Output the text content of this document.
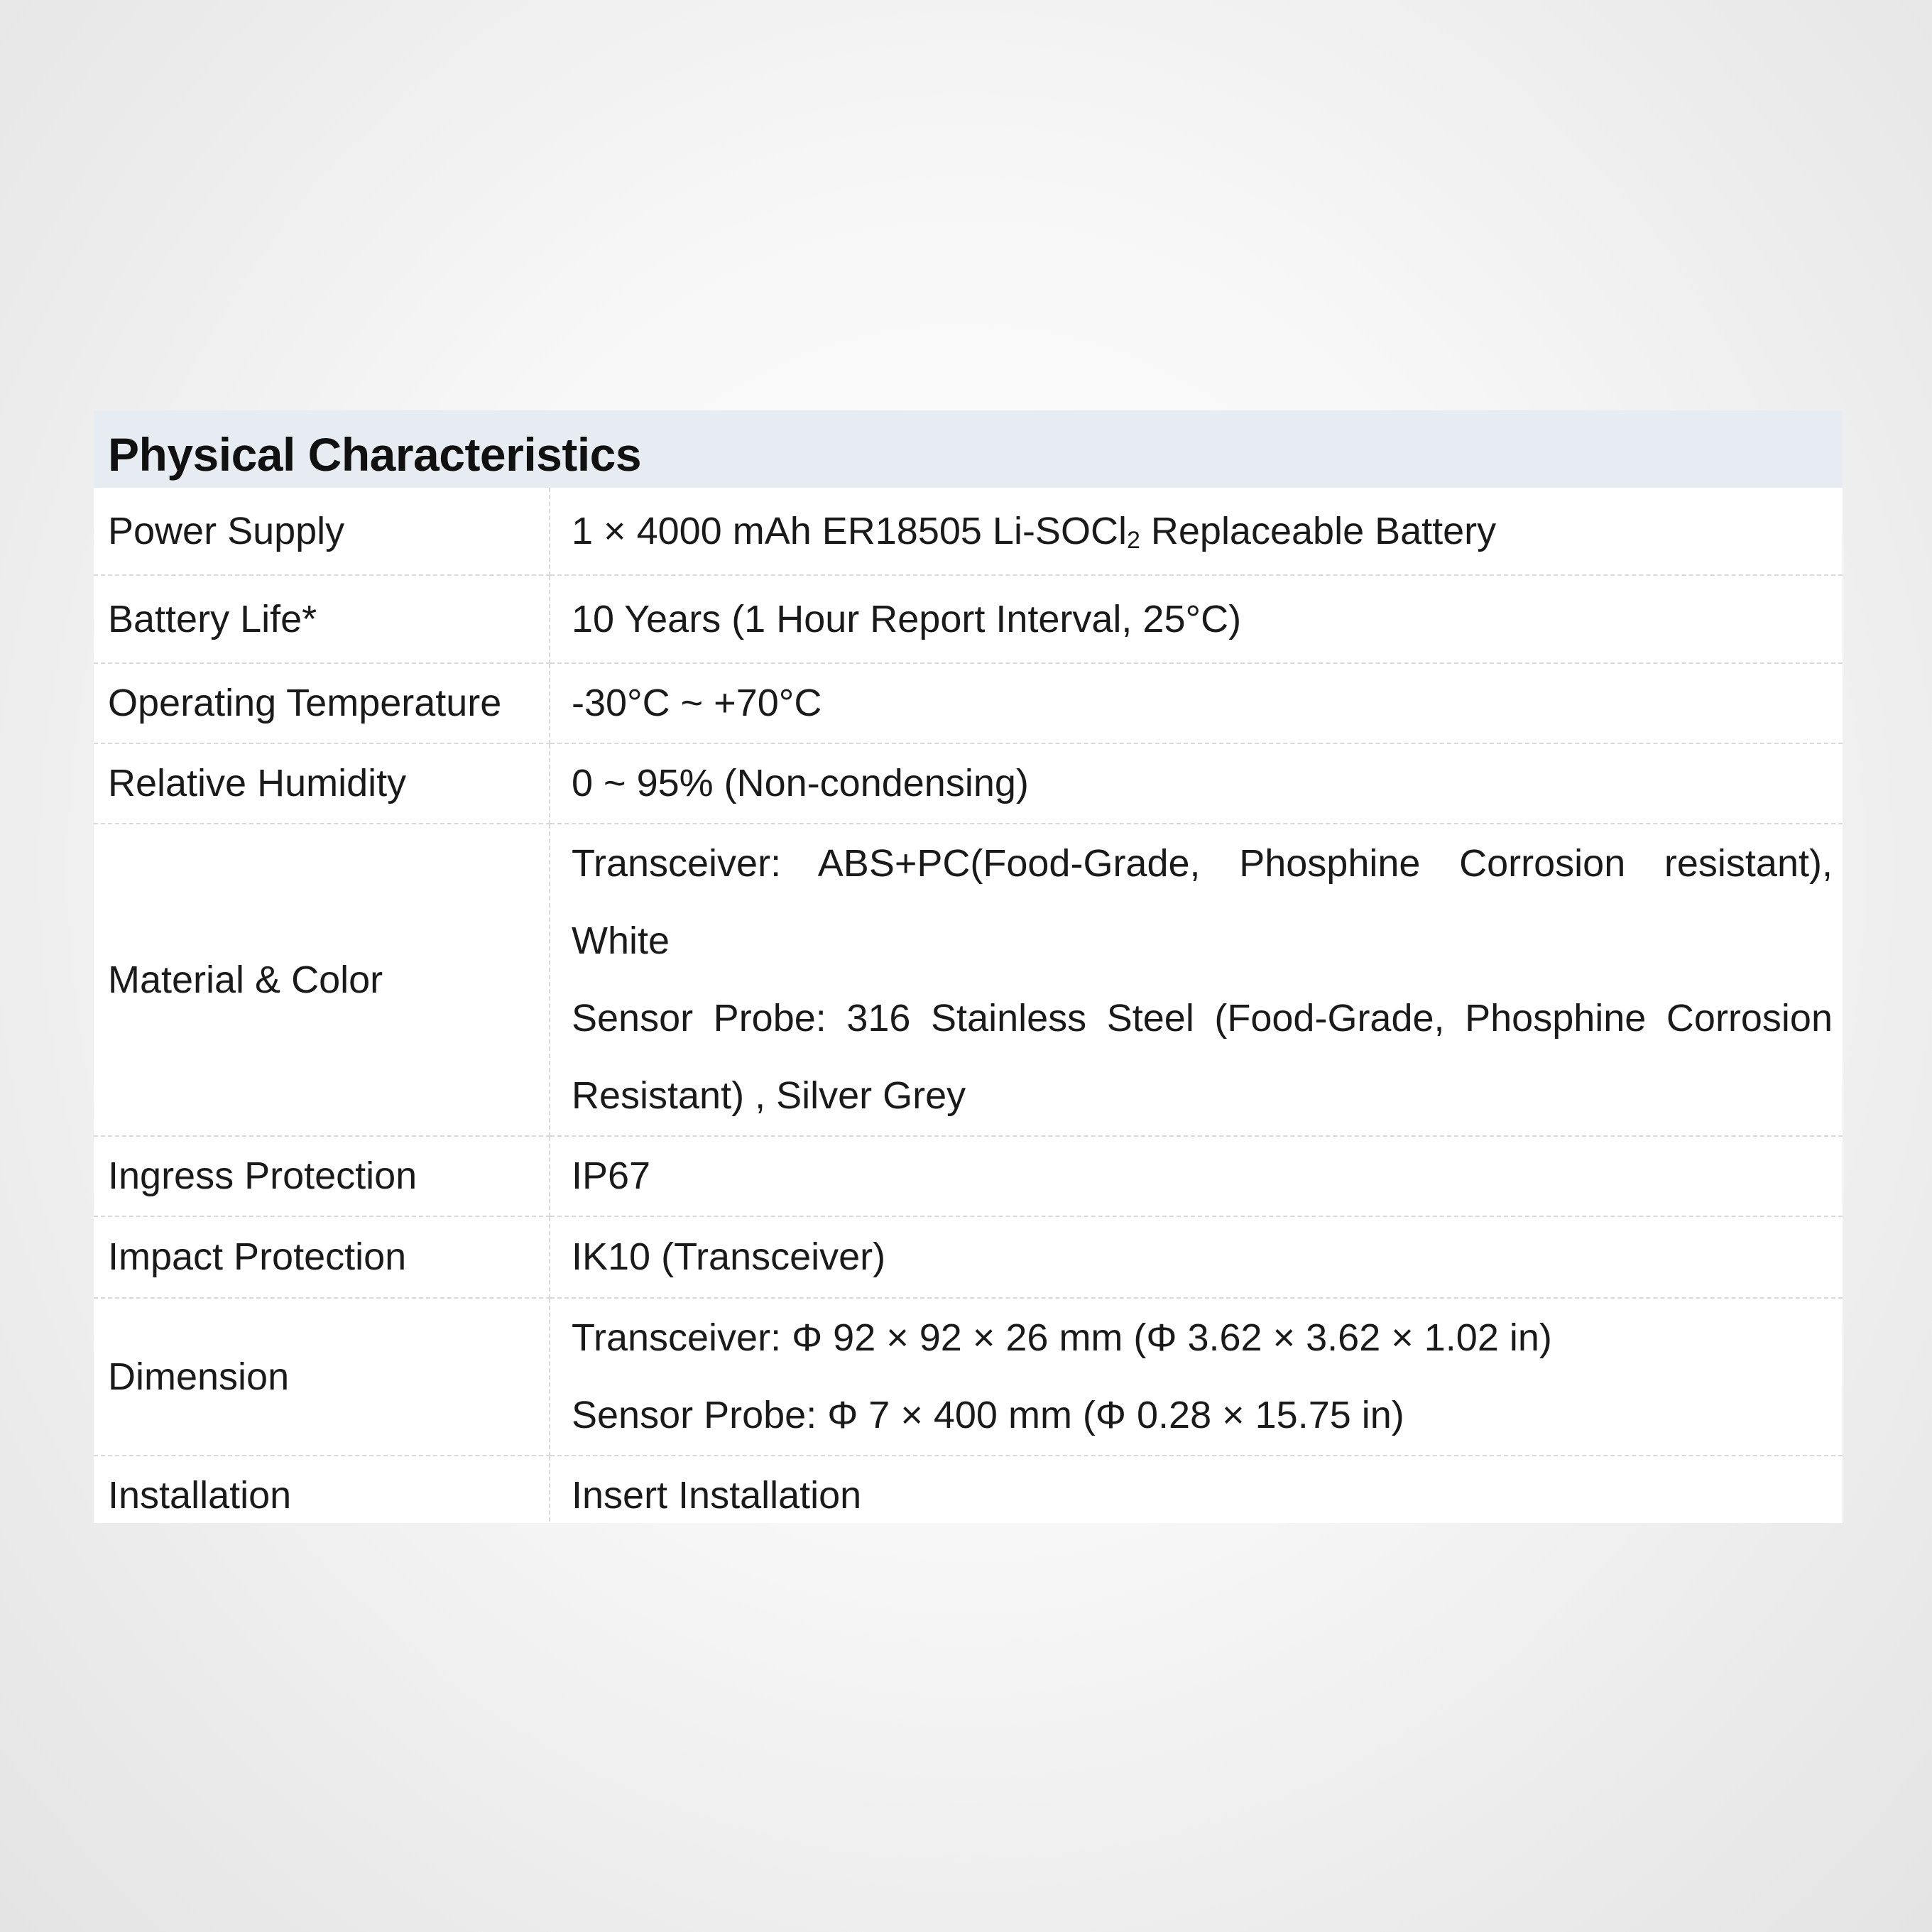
Physical Characteristics
Power Supply	1 × 4000 mAh ER18505 Li-SOCl$_2$ Replaceable Battery
Battery Life*	10 Years (1 Hour Report Interval, 25°C)
Operating Temperature	-30°C ~ +70°C
Relative Humidity	0 ~ 95% (Non-condensing)
Material & Color	Transceiver: ABS+PC(Food-Grade, Phosphine Corrosion resistant),
White
Sensor Probe: 316 Stainless Steel (Food-Grade, Phosphine Corrosion
Resistant) , Silver Grey

Ingress Protection	IP67
Impact Protection	IK10 (Transceiver)
Dimension	Transceiver: Φ 92 × 92 × 26 mm (Φ 3.62 × 3.62 × 1.02 in)
Sensor Probe: Φ 7 × 400 mm (Φ 0.28 × 15.75 in)

Installation	Insert Installation
